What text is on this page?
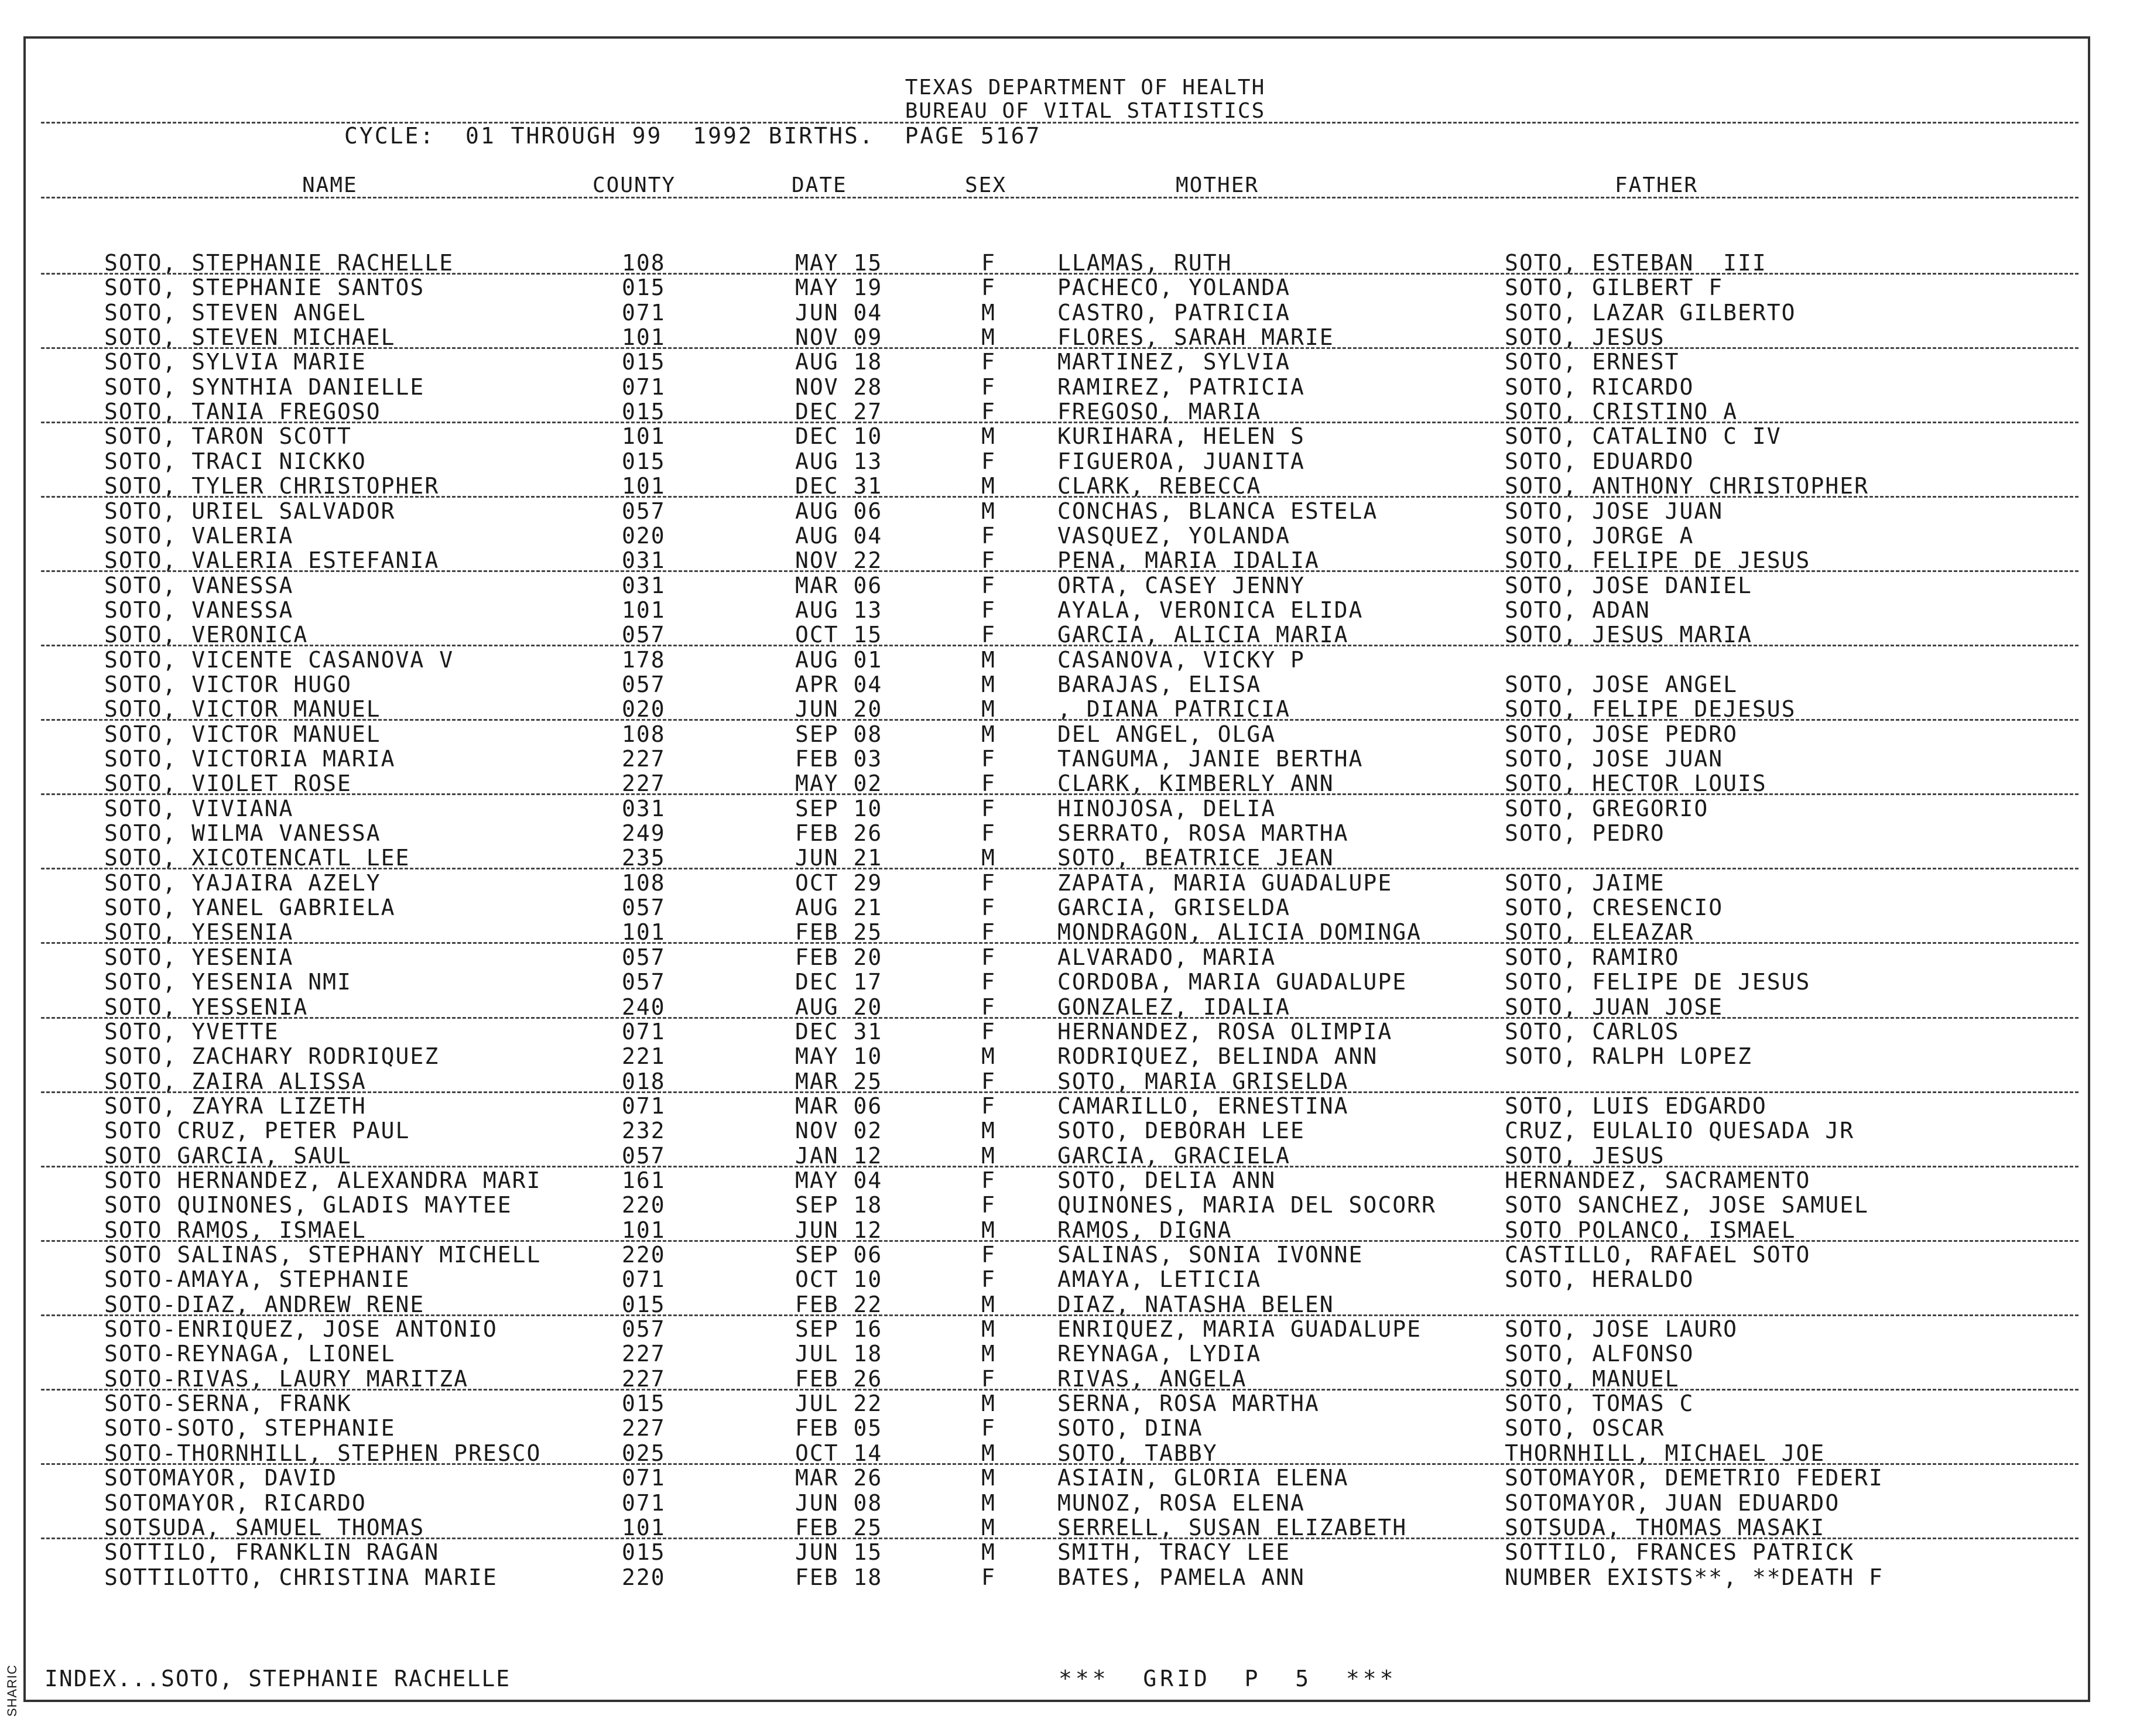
TEXAS DEPARTMENT OF HEALTH
BUREAU OF VITAL STATISTICS
CYCLE:  01 THROUGH 99  1992 BIRTHS.  PAGE 5167
NAME	COUNTY	DATE	SEX	MOTHER	FATHER
SOTO, STEPHANIE RACHELLE	108	MAY 15	F	LLAMAS, RUTH	SOTO, ESTEBAN  III
SOTO, STEPHANIE SANTOS	015	MAY 19	F	PACHECO, YOLANDA	SOTO, GILBERT F
SOTO, STEVEN ANGEL	071	JUN 04	M	CASTRO, PATRICIA	SOTO, LAZAR GILBERTO
SOTO, STEVEN MICHAEL	101	NOV 09	M	FLORES, SARAH MARIE	SOTO, JESUS
SOTO, SYLVIA MARIE	015	AUG 18	F	MARTINEZ, SYLVIA	SOTO, ERNEST
SOTO, SYNTHIA DANIELLE	071	NOV 28	F	RAMIREZ, PATRICIA	SOTO, RICARDO
SOTO, TANIA FREGOSO	015	DEC 27	F	FREGOSO, MARIA	SOTO, CRISTINO A
SOTO, TARON SCOTT	101	DEC 10	M	KURIHARA, HELEN S	SOTO, CATALINO C IV
SOTO, TRACI NICKKO	015	AUG 13	F	FIGUEROA, JUANITA	SOTO, EDUARDO
SOTO, TYLER CHRISTOPHER	101	DEC 31	M	CLARK, REBECCA	SOTO, ANTHONY CHRISTOPHER
SOTO, URIEL SALVADOR	057	AUG 06	M	CONCHAS, BLANCA ESTELA	SOTO, JOSE JUAN
SOTO, VALERIA	020	AUG 04	F	VASQUEZ, YOLANDA	SOTO, JORGE A
SOTO, VALERIA ESTEFANIA	031	NOV 22	F	PENA, MARIA IDALIA	SOTO, FELIPE DE JESUS
SOTO, VANESSA	031	MAR 06	F	ORTA, CASEY JENNY	SOTO, JOSE DANIEL
SOTO, VANESSA	101	AUG 13	F	AYALA, VERONICA ELIDA	SOTO, ADAN
SOTO, VERONICA	057	OCT 15	F	GARCIA, ALICIA MARIA	SOTO, JESUS MARIA
SOTO, VICENTE CASANOVA V	178	AUG 01	M	CASANOVA, VICKY P
SOTO, VICTOR HUGO	057	APR 04	M	BARAJAS, ELISA	SOTO, JOSE ANGEL
SOTO, VICTOR MANUEL	020	JUN 20	M	, DIANA PATRICIA	SOTO, FELIPE DEJESUS
SOTO, VICTOR MANUEL	108	SEP 08	M	DEL ANGEL, OLGA	SOTO, JOSE PEDRO
SOTO, VICTORIA MARIA	227	FEB 03	F	TANGUMA, JANIE BERTHA	SOTO, JOSE JUAN
SOTO, VIOLET ROSE	227	MAY 02	F	CLARK, KIMBERLY ANN	SOTO, HECTOR LOUIS
SOTO, VIVIANA	031	SEP 10	F	HINOJOSA, DELIA	SOTO, GREGORIO
SOTO, WILMA VANESSA	249	FEB 26	F	SERRATO, ROSA MARTHA	SOTO, PEDRO
SOTO, XICOTENCATL LEE	235	JUN 21	M	SOTO, BEATRICE JEAN
SOTO, YAJAIRA AZELY	108	OCT 29	F	ZAPATA, MARIA GUADALUPE	SOTO, JAIME
SOTO, YANEL GABRIELA	057	AUG 21	F	GARCIA, GRISELDA	SOTO, CRESENCIO
SOTO, YESENIA	101	FEB 25	F	MONDRAGON, ALICIA DOMINGA	SOTO, ELEAZAR
SOTO, YESENIA	057	FEB 20	F	ALVARADO, MARIA	SOTO, RAMIRO
SOTO, YESENIA NMI	057	DEC 17	F	CORDOBA, MARIA GUADALUPE	SOTO, FELIPE DE JESUS
SOTO, YESSENIA	240	AUG 20	F	GONZALEZ, IDALIA	SOTO, JUAN JOSE
SOTO, YVETTE	071	DEC 31	F	HERNANDEZ, ROSA OLIMPIA	SOTO, CARLOS
SOTO, ZACHARY RODRIQUEZ	221	MAY 10	M	RODRIQUEZ, BELINDA ANN	SOTO, RALPH LOPEZ
SOTO, ZAIRA ALISSA	018	MAR 25	F	SOTO, MARIA GRISELDA
SOTO, ZAYRA LIZETH	071	MAR 06	F	CAMARILLO, ERNESTINA	SOTO, LUIS EDGARDO
SOTO CRUZ, PETER PAUL	232	NOV 02	M	SOTO, DEBORAH LEE	CRUZ, EULALIO QUESADA JR
SOTO GARCIA, SAUL	057	JAN 12	M	GARCIA, GRACIELA	SOTO, JESUS
SOTO HERNANDEZ, ALEXANDRA MARI	161	MAY 04	F	SOTO, DELIA ANN	HERNANDEZ, SACRAMENTO
SOTO QUINONES, GLADIS MAYTEE	220	SEP 18	F	QUINONES, MARIA DEL SOCORR	SOTO SANCHEZ, JOSE SAMUEL
SOTO RAMOS, ISMAEL	101	JUN 12	M	RAMOS, DIGNA	SOTO POLANCO, ISMAEL
SOTO SALINAS, STEPHANY MICHELL	220	SEP 06	F	SALINAS, SONIA IVONNE	CASTILLO, RAFAEL SOTO
SOTO-AMAYA, STEPHANIE	071	OCT 10	F	AMAYA, LETICIA	SOTO, HERALDO
SOTO-DIAZ, ANDREW RENE	015	FEB 22	M	DIAZ, NATASHA BELEN
SOTO-ENRIQUEZ, JOSE ANTONIO	057	SEP 16	M	ENRIQUEZ, MARIA GUADALUPE	SOTO, JOSE LAURO
SOTO-REYNAGA, LIONEL	227	JUL 18	M	REYNAGA, LYDIA	SOTO, ALFONSO
SOTO-RIVAS, LAURY MARITZA	227	FEB 26	F	RIVAS, ANGELA	SOTO, MANUEL
SOTO-SERNA, FRANK	015	JUL 22	M	SERNA, ROSA MARTHA	SOTO, TOMAS C
SOTO-SOTO, STEPHANIE	227	FEB 05	F	SOTO, DINA	SOTO, OSCAR
SOTO-THORNHILL, STEPHEN PRESCO	025	OCT 14	M	SOTO, TABBY	THORNHILL, MICHAEL JOE
SOTOMAYOR, DAVID	071	MAR 26	M	ASIAIN, GLORIA ELENA	SOTOMAYOR, DEMETRIO FEDERI
SOTOMAYOR, RICARDO	071	JUN 08	M	MUNOZ, ROSA ELENA	SOTOMAYOR, JUAN EDUARDO
SOTSUDA, SAMUEL THOMAS	101	FEB 25	M	SERRELL, SUSAN ELIZABETH	SOTSUDA, THOMAS MASAKI
SOTTILO, FRANKLIN RAGAN	015	JUN 15	M	SMITH, TRACY LEE	SOTTILO, FRANCES PATRICK
SOTTILOTTO, CHRISTINA MARIE	220	FEB 18	F	BATES, PAMELA ANN	NUMBER EXISTS**, **DEATH F
INDEX...SOTO, STEPHANIE RACHELLE	***  GRID  P  5  ***
SHARIC
